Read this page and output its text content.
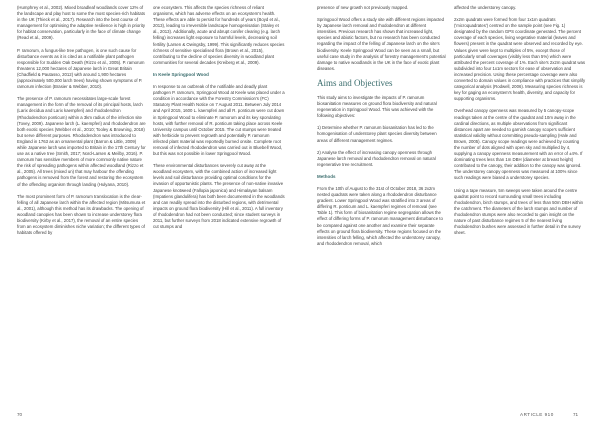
(Humphrey et al., 2002). Mixed broadleaf woodlands cover 12% of the landscape and play host to some the most species-rich habitats in the UK (Thieck et al., 2017). Research into the best course of management for optimising the adaptive resilience is high in priority for habitat conservation, particularly in the face of climate change (Read et al., 2009).

P. ramorum, a fungus-like tree pathogen, is one such cause for disturbance events as it is cited as a notifiable plant pathogen responsible for Sudden Oak Death (Rizzo et al., 2005). P. ramorum threatens 12,000 hectares of Japanese larch in Great Britain (Chadfield & Pautasso, 2012) with around 1,900 hectares (approximately 500,000 larch trees) having shown symptoms of P. ramorum infection (Brasier & Webber, 2010).

The presence of P. ramorum necessitates large-scale forest management in the form of the removal of its principal hosts, larch (Larix decidua and Larix kaempferi) and rhododendron (Rhododendron ponticum) within a 3km radius of the infection site (Tovey, 2009). Japanese larch (L. kaempferi) and rhododendron are both exotic species (Webber et al., 2010; Tooley & Browning, 2018) but serve different purposes. Rhododendron was introduced to England in 1763 as an ornamental plant (Barron & Little, 2009) while Japanese larch was imported to Britain in the 17th Century for use as a native tree (Smith, 2017; Nord-Larsen & Meilby, 2016). P. ramorum has sensitive members of more commonly native nature the risk of spreading pathogens within affected woodland (Rizzo et al., 2005). All trees (mixed un) that may harbour the offending pathogens is removed from the forest and restoring the ecosystem of the offending organism through landing (Hulyana, 2010).

The most prominent form of P. ramorum translocation is the clear-felling of all Japanese larch within the affected region (Mitsumura et al., 2001), although this method has its drawbacks. The opening of woodland canopies has been shown to increase understorey flora biodiversity (Kirby et al., 2017), the removal of an entire species from an ecosystem diminishes niche variation; the different types of habitats offered by

one ecosystem. This affects the species richness of reliant organisms, which has adverse effects on an ecosystem's health. These effects are able to persist for hundreds of years (Boyd et al., 2013), leading to irreversible landscape homogenisation (Staley et al., 2013). Additionally, acute and abrupt conifer clearing (e.g. larch felling) increases light exposure to harmful levels, decreasing soil fertility (Larsen & Owingsby, 1999). This significantly reduces species richness of sensitive specialised flora (Brown et al., 2015), contributing to the decline of species diversity in woodland plant communities for several decades (Kreiberg et al., 2009).

In Keele Springpool Wood

In response to an outbreak of the notifiable and deadly plant pathogen P. ramorum, Springpool Wood at Keele was placed under a condition in accordance with the Forestry Commission's (FC) Statutory Plant Health Notice on 7 August 2011. Between July 2014 and April 2015, 1600 L. kaempferi and all R. ponticum were cut down in Springpool Wood to eliminate P. ramorum and its key sporulating hosts, with further removal of R. ponticum taking place across Keele University campus until October 2015. The cut stumps were treated with herbicide to prevent regrowth and potentially P. ramorum infected plant material was reportedly burned onsite. Complete root removal of infected rhododendron was carried out in Bluebell Wood, but this was not possible in lower Springpool Wood.

These environmental disturbances severely cut away at the woodland ecosystem, with the combined action of increased light levels and soil disturbance providing optimal conditions for the invasion of opportunistic plants. The presence of non-native invasive Japanese knotweed (Fallopia japonica) and Himalayan balsam (Impatiens glandulifera) has both been documented in the woodlands and can readily spread into the disturbed regions, with detrimental impacts on ground flora biodiversity (Hill et al., 2011). A full inventory of rhododendron had not been conducted; since student surveys in 2011, but further surveys from 2018 indicated extensive regrowth of cut stumps and

70

presence of new growth not previously mapped.

Springpool Wood offers a study site with different regions impacted by Japanese larch removal and rhododendron at different intensities. Previous research has shown that increased light, species and abiotic factors, but no research has been conducted regarding the impact of the felling of Japanese larch on the site's biodiversity. Keele Springpool Wood can be seen as a small, but useful case study in the analysis of forestry management's potential damage to native woodlands in the UK in the face of exotic plant diseases.

Aims and Objectives

This study aims to investigate the impacts of P. ramorum biosanitation measures on ground flora biodiversity and natural regeneration in Springpool Wood. This was achieved with the following objectives:

1) Determine whether P. ramorum biosanitation has led to the homogenisation of understorey plant species diversity between areas of different management regimes.

2) Analyse the effect of increasing canopy openness through Japanese larch removal and rhododendron removal on natural regenerative tree recruitment.

Methods

From the 10th of August to the 31st of October 2018, 36 2x2m nested quadrats were taken along a rhododendron disturbance gradient. Lower Springpool Wood was stratified into 3 areas of differing R. ponticum and L. kaempferi regimes of removal (see Table 1). This form of biosanitation regime segregation allows the effect of differing forms of P. ramorum management disturbance to be compared against one another and examine their separate effects on ground flora biodiversity. These regions focused on the intensities of larch felling, which affected the understorey canopy, and rhododendron removal, which

affected the understorey canopy.

2x2m quadrats were formed from four 1x1m quadrats ('microquadrates') centred on the sample point (see Fig. 1) designated by the random GPS coordinate generated. The percent coverage of each species, living vegetative material (leaves and flowers) present in the quadrat were observed and recorded by eye. Values given were kept to multiples of 5%, except those of particularly small coverages (visibly less than 5%) which were attributed the percent coverage of 1%. Each site's 2x2m quadrat was subdivided into four 1x1m sectors for ease of observation and increased precision. Using these percentage coverage were also converted to domain values in compliance with practices that simplify categorical analysis (Rodwell, 2006). Measuring species richness is key for gaging an ecosystem's health, diversity, and capacity for supporting organisms.

Overhead canopy openness was measured by 5 canopy-scope readings taken at the centre of the quadrat and 10m away in the cardinal directions, as multiple observations from significant distances apart are needed to garnish canopy scope's sufficient statistical validity without committing pseudo-sampling (Hale and Brown, 2005). Canopy scope readings were achieved by counting the number of dots aligned with open sky and multiplied by 4, supplying a canopy openness measurement with an error of ±4%. If dominating trees less than 1m DBH (diameter at breast height) contributed to the canopy, their addition to the canopy was ignored. The understorey canopy openness was measured at 100% since such readings were biased a understorey species.

Using a tape measure, 5m sweeps were taken around the centre quadrat point to record surrounding small trees including rhododendron, birch stumps, and trees of less than 50m DBH within the catchment. The diameters of the larch stumps and number of rhododendron stumps were also recorded to gain insight on the nature of past disturbance regimes 5 of the nearest living rhododendron bushes were assessed in further detail in the survey sheet.

ARTICLE 910	71
